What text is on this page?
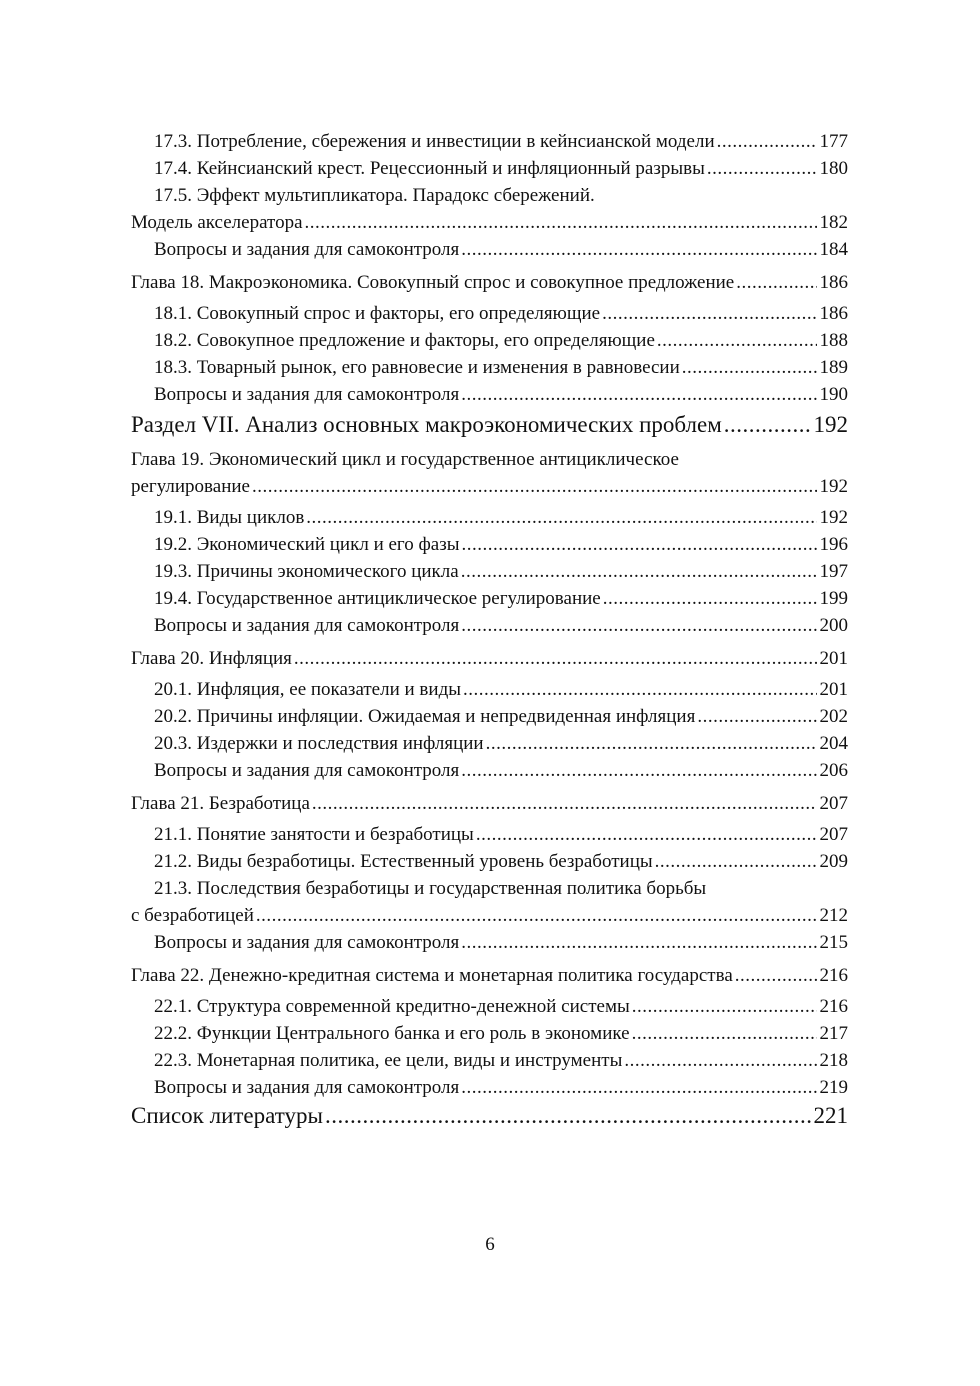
17.3. Потребление, сбережения и инвестиции в кейнсианской модели .....	177
17.4. Кейнсианский крест. Рецессионный и инфляционный разрывы .....	180
17.5. Эффект мультипликатора. Парадокс сбережений.
Модель акселератора .....	182
Вопросы и задания для самоконтроля .....	184
Глава 18. Макроэкономика. Совокупный спрос и совокупное предложение .....	186
18.1. Совокупный спрос и факторы, его определяющие .....	186
18.2. Совокупное предложение и факторы, его определяющие .....	188
18.3. Товарный рынок, его равновесие и изменения в равновесии .....	189
Вопросы и задания для самоконтроля .....	190
Раздел VII. Анализ основных макроэкономических проблем .....	192
Глава 19. Экономический цикл и государственное антициклическое
регулирование .....	192
19.1. Виды циклов .....	192
19.2. Экономический цикл и его фазы .....	196
19.3. Причины экономического цикла .....	197
19.4. Государственное антициклическое регулирование .....	199
Вопросы и задания для самоконтроля .....	200
Глава 20. Инфляция .....	201
20.1. Инфляция, ее показатели и виды .....	201
20.2. Причины инфляции. Ожидаемая и непредвиденная инфляция .....	202
20.3. Издержки и последствия инфляции .....	204
Вопросы и задания для самоконтроля .....	206
Глава 21. Безработица .....	207
21.1. Понятие занятости и безработицы .....	207
21.2. Виды безработицы. Естественный уровень безработицы .....	209
21.3. Последствия безработицы и государственная политика борьбы
с безработицей .....	212
Вопросы и задания для самоконтроля .....	215
Глава 22. Денежно-кредитная система и монетарная политика государства .....	216
22.1. Структура современной кредитно-денежной системы .....	216
22.2. Функции Центрального банка и его роль в экономике .....	217
22.3. Монетарная политика, ее цели, виды и инструменты .....	218
Вопросы и задания для самоконтроля .....	219
Список литературы .....	221
6
